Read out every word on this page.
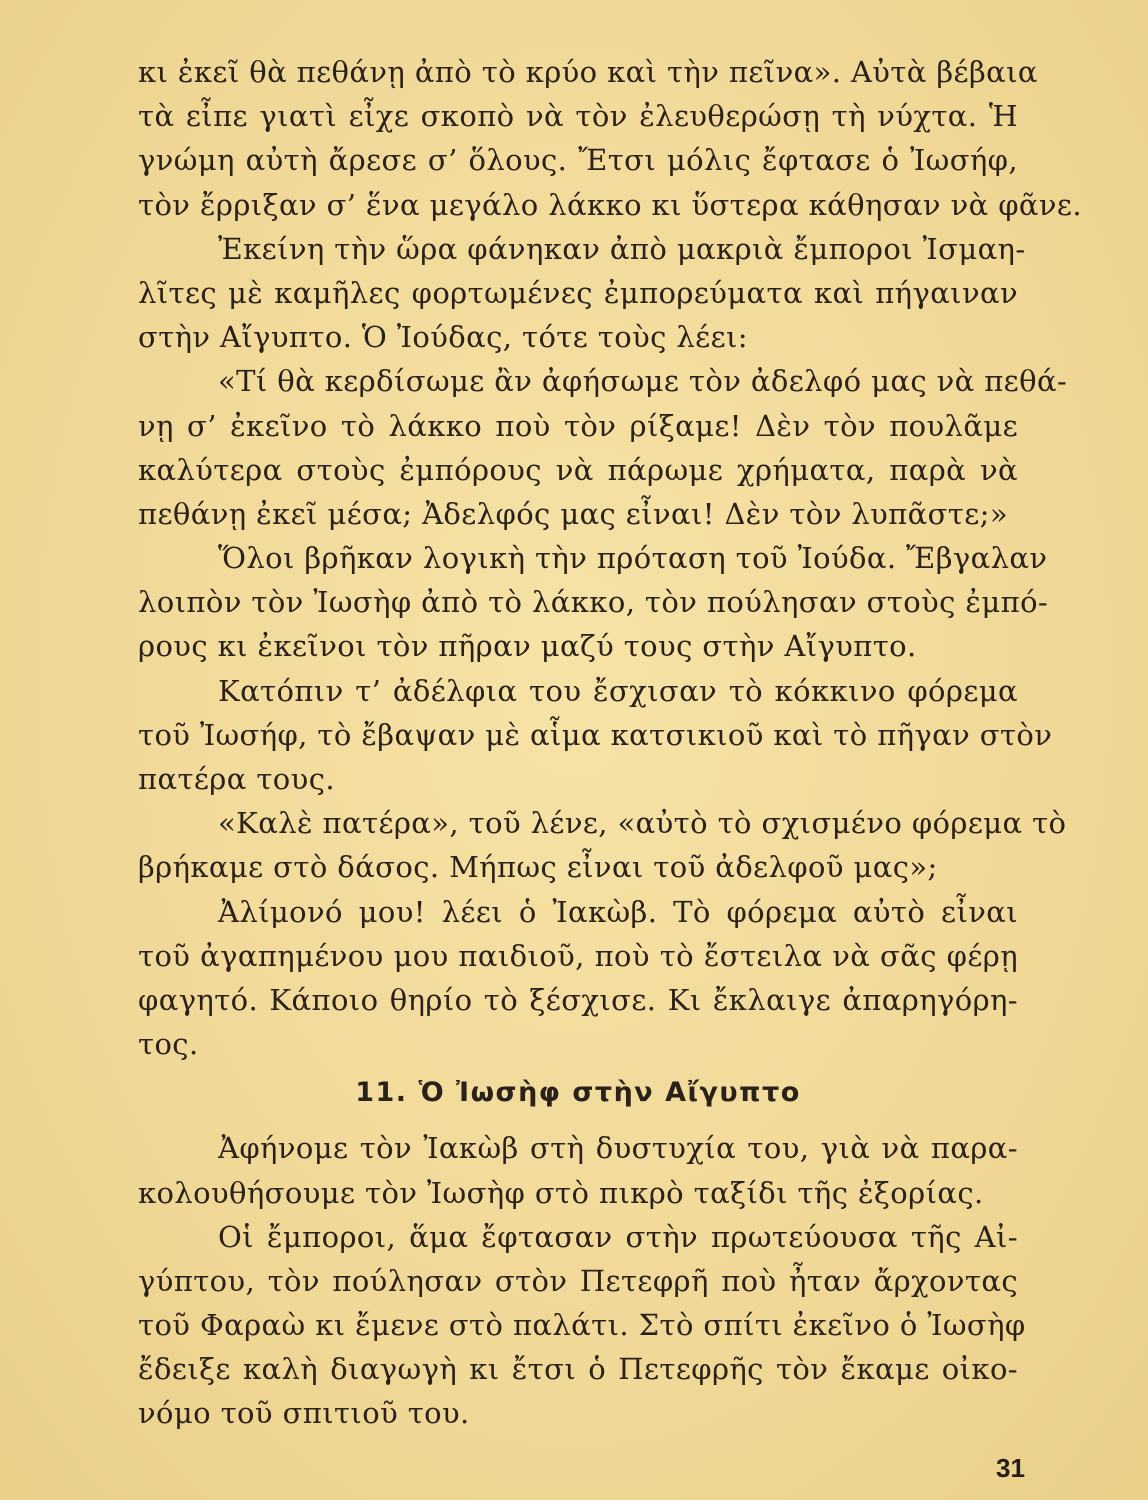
κι ἐκεῖ θὰ πεθάνῃ ἀπὸ τὸ κρύο καὶ τὴν πεῖνα». Αὐτὰ βέβαια
τὰ εἶπε γιατὶ εἶχε σκοπὸ νὰ τὸν ἐλευθερώσῃ τὴ νύχτα. Ἡ
γνώμη αὐτὴ ἄρεσε σ’ ὅλους. Ἔτσι μόλις ἔφτασε ὁ Ἰωσήφ,
τὸν ἔρριξαν σ’ ἕνα μεγάλο λάκκο κι ὕστερα κάθησαν νὰ φᾶνε.
Ἐκείνη τὴν ὥρα φάνηκαν ἀπὸ μακριὰ ἔμποροι Ἰσμαη-
λῖτες μὲ καμῆλες φορτωμένες ἐμπορεύματα καὶ πήγαιναν
στὴν Αἴγυπτο. Ὁ Ἰούδας, τότε τοὺς λέει:
«Τί θὰ κερδίσωμε ἂν ἀφήσωμε τὸν ἀδελφό μας νὰ πεθά-
νῃ σ’ ἐκεῖνο τὸ λάκκο ποὺ τὸν ρίξαμε! Δὲν τὸν πουλᾶμε
καλύτερα στοὺς ἐμπόρους νὰ πάρωμε χρήματα, παρὰ νὰ
πεθάνῃ ἐκεῖ μέσα; Ἀδελφός μας εἶναι! Δὲν τὸν λυπᾶστε;»
Ὅλοι βρῆκαν λογικὴ τὴν πρόταση τοῦ Ἰούδα. Ἔβγαλαν
λοιπὸν τὸν Ἰωσὴφ ἀπὸ τὸ λάκκο, τὸν πούλησαν στοὺς ἐμπό-
ρους κι ἐκεῖνοι τὸν πῆραν μαζύ τους στὴν Αἴγυπτο.
Κατόπιν τ’ ἀδέλφια του ἔσχισαν τὸ κόκκινο φόρεμα
τοῦ Ἰωσήφ, τὸ ἔβαψαν μὲ αἷμα κατσικιοῦ καὶ τὸ πῆγαν στὸν
πατέρα τους.
«Καλὲ πατέρα», τοῦ λένε, «αὐτὸ τὸ σχισμένο φόρεμα τὸ
βρήκαμε στὸ δάσος. Μήπως εἶναι τοῦ ἀδελφοῦ μας»;
Ἀλίμονό μου! λέει ὁ Ἰακὼβ. Τὸ φόρεμα αὐτὸ εἶναι
τοῦ ἀγαπημένου μου παιδιοῦ, ποὺ τὸ ἔστειλα νὰ σᾶς φέρῃ
φαγητό. Κάποιο θηρίο τὸ ξέσχισε. Κι ἔκλαιγε ἀπαρηγόρη-
τος.
11. Ὁ Ἰωσὴφ στὴν Αἴγυπτο
Ἀφήνομε τὸν Ἰακὼβ στὴ δυστυχία του, γιὰ νὰ παρα-
κολουθήσουμε τὸν Ἰωσὴφ στὸ πικρὸ ταξίδι τῆς ἐξορίας.
Οἱ ἔμποροι, ἅμα ἔφτασαν στὴν πρωτεύουσα τῆς Αἰ-
γύπτου, τὸν πούλησαν στὸν Πετεφρῆ ποὺ ἦταν ἄρχοντας
τοῦ Φαραὼ κι ἔμενε στὸ παλάτι. Στὸ σπίτι ἐκεῖνο ὁ Ἰωσὴφ
ἔδειξε καλὴ διαγωγὴ κι ἔτσι ὁ Πετεφρῆς τὸν ἔκαμε οἰκο-
νόμο τοῦ σπιτιοῦ του.
31
